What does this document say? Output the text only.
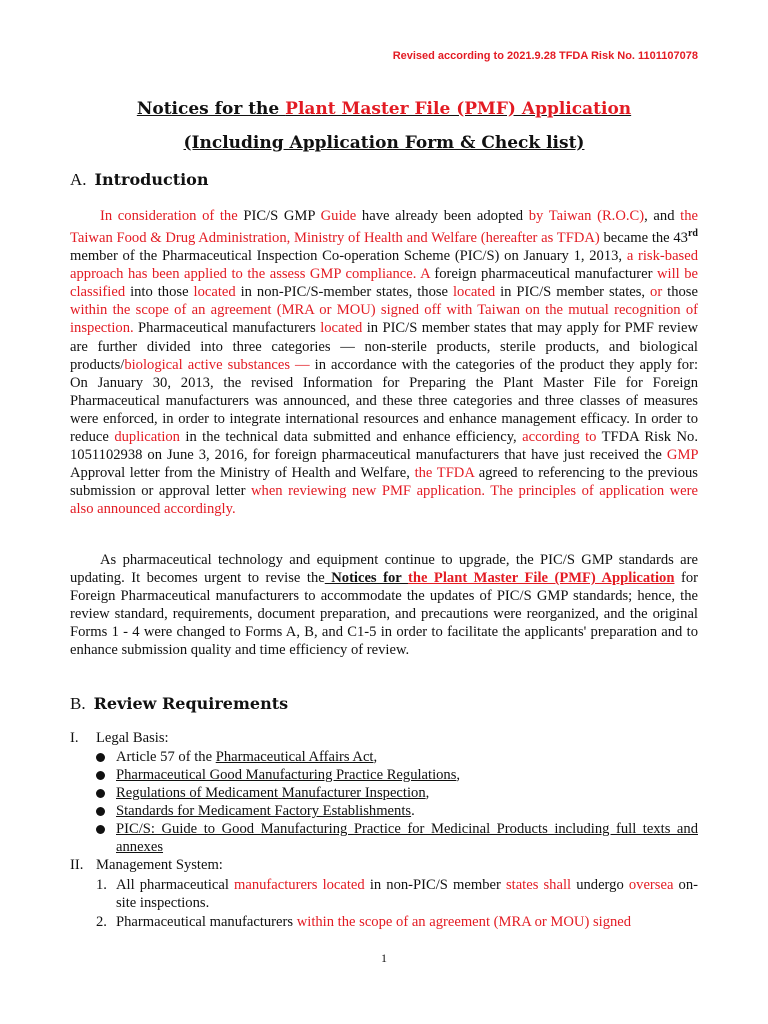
Revised according to 2021.9.28 TFDA Risk No. 1101107078
Notices for the Plant Master File (PMF) Application
(Including Application Form & Check list)
A. Introduction
In consideration of the PIC/S GMP Guide have already been adopted by Taiwan (R.O.C), and the Taiwan Food & Drug Administration, Ministry of Health and Welfare (hereafter as TFDA) became the 43rd member of the Pharmaceutical Inspection Co-operation Scheme (PIC/S) on January 1, 2013, a risk-based approach has been applied to the assess GMP compliance. A foreign pharmaceutical manufacturer will be classified into those located in non-PIC/S-member states, those located in PIC/S member states, or those within the scope of an agreement (MRA or MOU) signed off with Taiwan on the mutual recognition of inspection. Pharmaceutical manufacturers located in PIC/S member states that may apply for PMF review are further divided into three categories — non-sterile products, sterile products, and biological products/biological active substances — in accordance with the categories of the product they apply for: On January 30, 2013, the revised Information for Preparing the Plant Master File for Foreign Pharmaceutical manufacturers was announced, and these three categories and three classes of measures were enforced, in order to integrate international resources and enhance management efficacy. In order to reduce duplication in the technical data submitted and enhance efficiency, according to TFDA Risk No. 1051102938 on June 3, 2016, for foreign pharmaceutical manufacturers that have just received the GMP Approval letter from the Ministry of Health and Welfare, the TFDA agreed to referencing to the previous submission or approval letter when reviewing new PMF application. The principles of application were also announced accordingly.
As pharmaceutical technology and equipment continue to upgrade, the PIC/S GMP standards are updating. It becomes urgent to revise the Notices for the Plant Master File (PMF) Application for Foreign Pharmaceutical manufacturers to accommodate the updates of PIC/S GMP standards; hence, the review standard, requirements, document preparation, and precautions were reorganized, and the original Forms 1 - 4 were changed to Forms A, B, and C1-5 in order to facilitate the applicants' preparation and to enhance submission quality and time efficiency of review.
B. Review Requirements
I. Legal Basis:
Article 57 of the Pharmaceutical Affairs Act,
Pharmaceutical Good Manufacturing Practice Regulations,
Regulations of Medicament Manufacturer Inspection,
Standards for Medicament Factory Establishments.
PIC/S: Guide to Good Manufacturing Practice for Medicinal Products including full texts and annexes
II. Management System:
1. All pharmaceutical manufacturers located in non-PIC/S member states shall undergo oversea on-site inspections.
2. Pharmaceutical manufacturers within the scope of an agreement (MRA or MOU) signed
1
